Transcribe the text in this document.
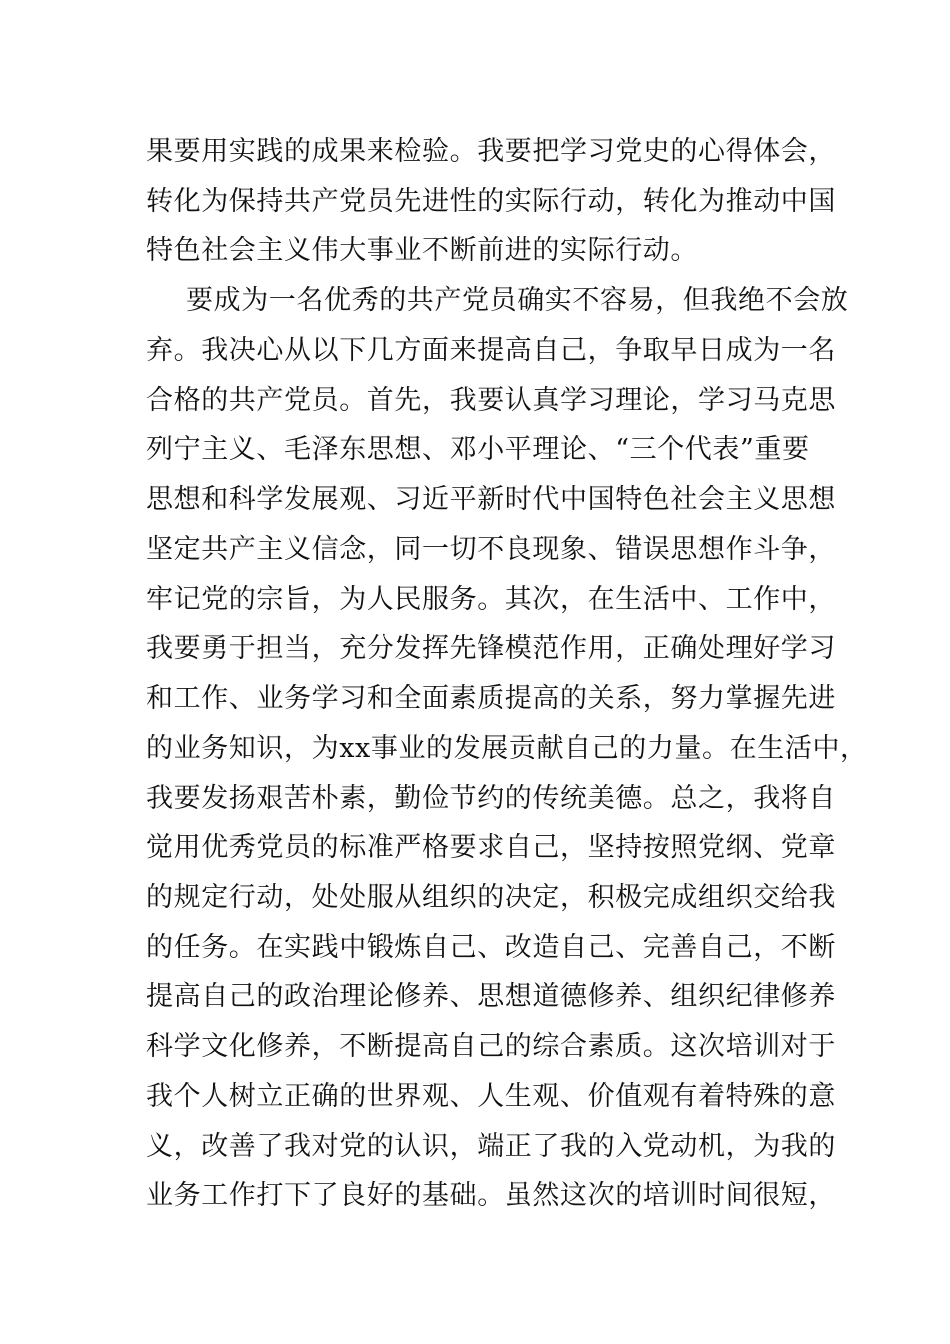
果要用实践的成果来检验。我要把学习党史的心得体会，
转化为保持共产党员先进性的实际行动，转化为推动中国
特色社会主义伟大事业不断前进的实际行动。
要成为一名优秀的共产党员确实不容易，但我绝不会放
弃。我决心从以下几方面来提高自己，争取早日成为一名
合格的共产党员。首先，我要认真学习理论，学习马克思
列宁主义、毛泽东思想、邓小平理论、“三个代表”重要
思想和科学发展观、习近平新时代中国特色社会主义思想
坚定共产主义信念，同一切不良现象、错误思想作斗争，
牢记党的宗旨，为人民服务。其次，在生活中、工作中，
我要勇于担当，充分发挥先锋模范作用，正确处理好学习
和工作、业务学习和全面素质提高的关系，努力掌握先进
的业务知识，为xx事业的发展贡献自己的力量。在生活中，
我要发扬艰苦朴素，勤俭节约的传统美德。总之，我将自
觉用优秀党员的标准严格要求自己，坚持按照党纲、党章
的规定行动，处处服从组织的决定，积极完成组织交给我
的任务。在实践中锻炼自己、改造自己、完善自己，不断
提高自己的政治理论修养、思想道德修养、组织纪律修养
科学文化修养，不断提高自己的综合素质。这次培训对于
我个人树立正确的世界观、人生观、价值观有着特殊的意
义，改善了我对党的认识，端正了我的入党动机，为我的
业务工作打下了良好的基础。虽然这次的培训时间很短，
